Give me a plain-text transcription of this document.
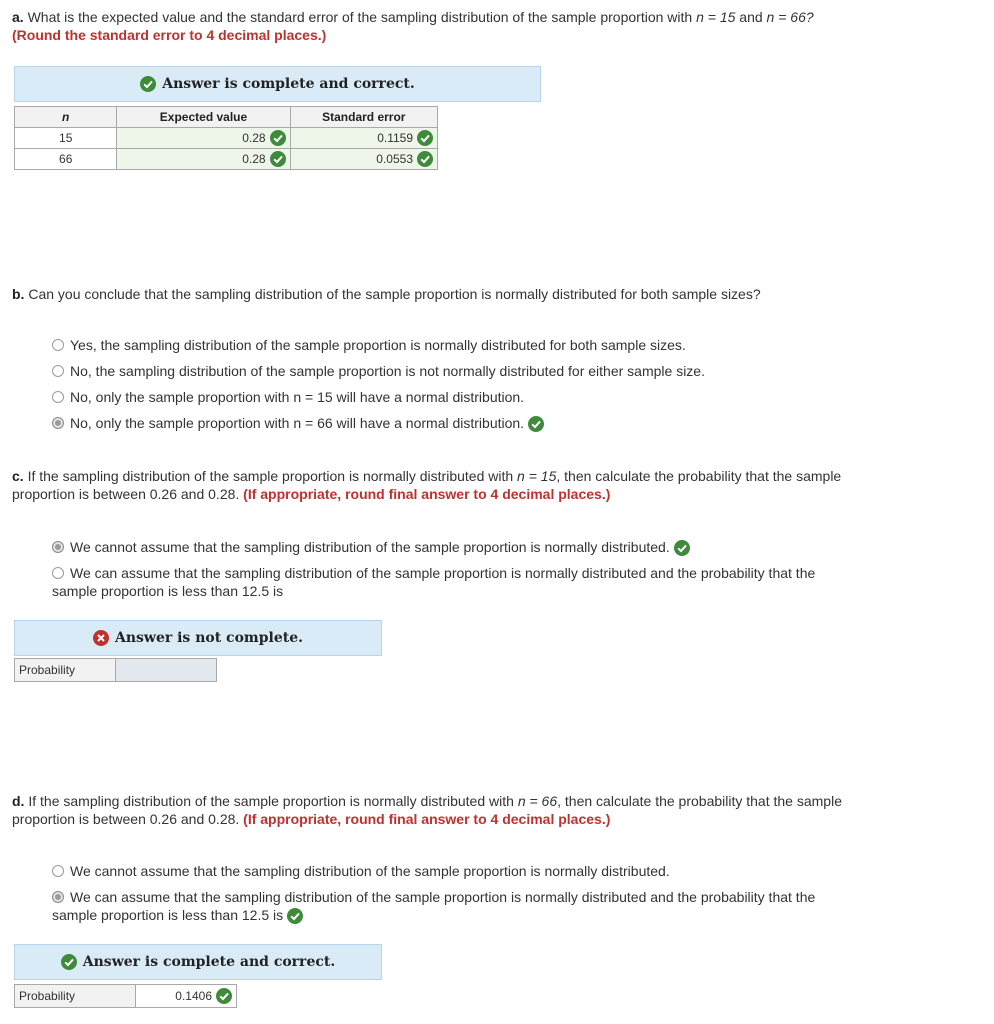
a. What is the expected value and the standard error of the sampling distribution of the sample proportion with n = 15 and n = 66?
(Round the standard error to 4 decimal places.)
Answer is complete and correct.
n	Expected value	Standard error
15	0.28	0.1159

66	0.28	0.0553
b. Can you conclude that the sampling distribution of the sample proportion is normally distributed for both sample sizes?
Yes, the sampling distribution of the sample proportion is normally distributed for both sample sizes.
No, the sampling distribution of the sample proportion is not normally distributed for either sample size.
No, only the sample proportion with n = 15 will have a normal distribution.
No, only the sample proportion with n = 66 will have a normal distribution.
c. If the sampling distribution of the sample proportion is normally distributed with n = 15, then calculate the probability that the sample
proportion is between 0.26 and 0.28. (If appropriate, round final answer to 4 decimal places.)
We cannot assume that the sampling distribution of the sample proportion is normally distributed.
We can assume that the sampling distribution of the sample proportion is normally distributed and the probability that the
sample proportion is less than 12.5 is
Answer is not complete.
Probability	
d. If the sampling distribution of the sample proportion is normally distributed with n = 66, then calculate the probability that the sample
proportion is between 0.26 and 0.28. (If appropriate, round final answer to 4 decimal places.)
We cannot assume that the sampling distribution of the sample proportion is normally distributed.
We can assume that the sampling distribution of the sample proportion is normally distributed and the probability that the
sample proportion is less than 12.5 is
Answer is complete and correct.
Probability	0.1406
